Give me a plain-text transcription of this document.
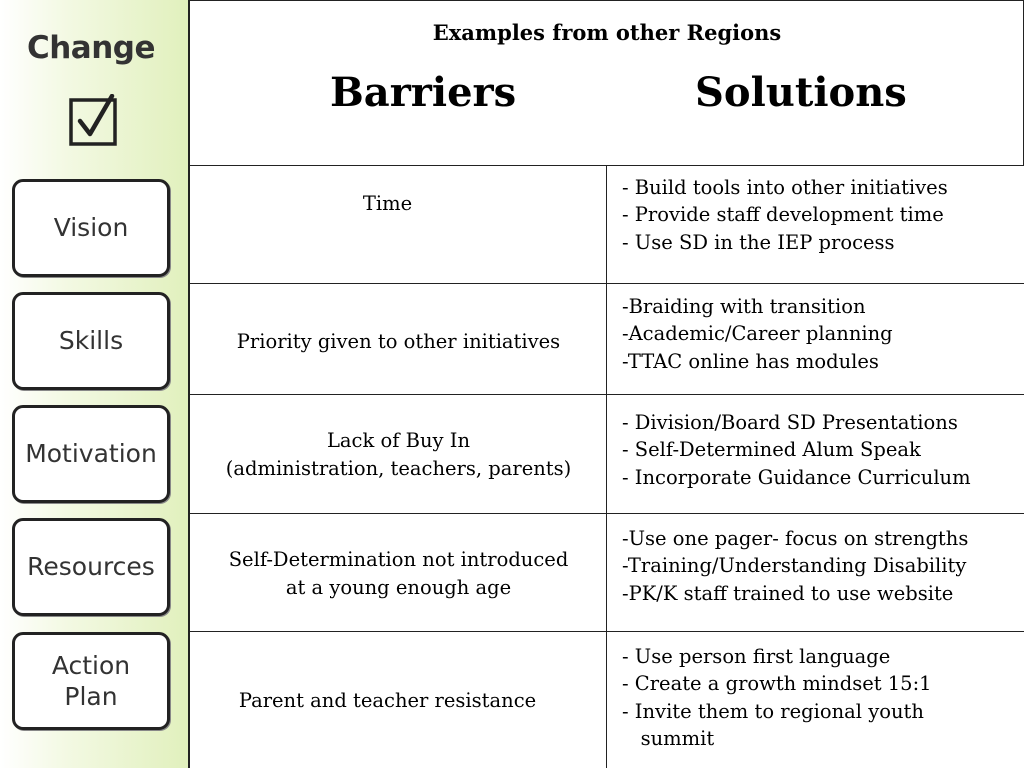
Change
Vision
Skills
Motivation
Resources
Action
Plan
Examples from other Regions
Barriers	Solutions
Time
- Build tools into other initiatives
- Provide staff development time
- Use SD in the IEP process
Priority given to other initiatives
-Braiding with transition
-Academic/Career planning
-TTAC online has modules
Lack of Buy In
(administration, teachers, parents)
- Division/Board SD Presentations
- Self-Determined Alum Speak
- Incorporate Guidance Curriculum
Self-Determination not introduced
at a young enough age
-Use one pager- focus on strengths
-Training/Understanding Disability
-PK/K staff trained to use website
Parent and teacher resistance
- Use person first language
- Create a growth mindset 15:1
- Invite them to regional youth
summit
